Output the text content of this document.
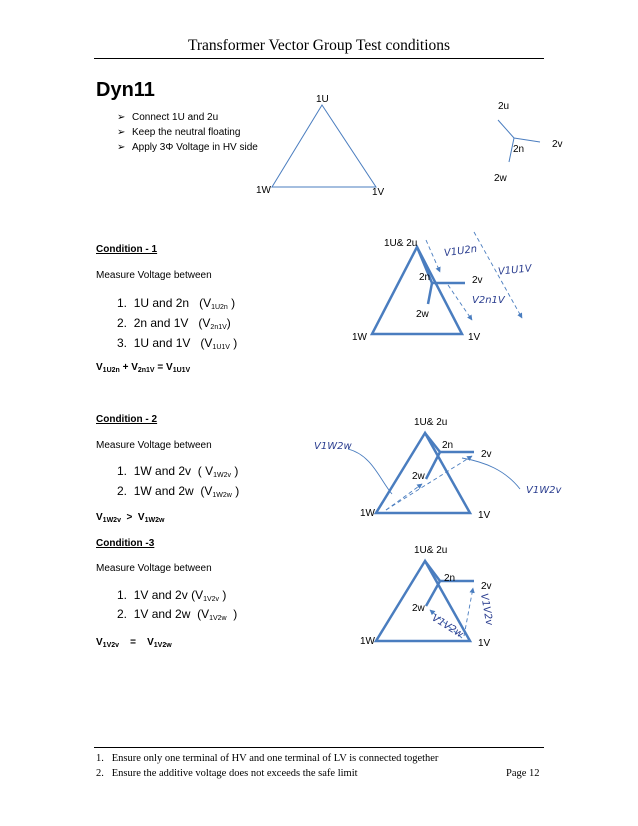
Transformer Vector Group Test conditions
Dyn11
➢ Connect 1U and 2u
➢ Keep the neutral floating
➢ Apply 3Φ Voltage in HV side
1U
1W	1V
2u
2n	2v
2w
Condition - 1
Measure Voltage between
1. 1U and 2n   ($V_{1U2n}$ )
2. 2n and 1V   $(V_{2n1V})$
3. 1U and 1V   ($V_{1U1V}$ )
$V_{1U2n} + V_{2n1V} = V_{1U1V}$
1U& 2u
2n	2v
2w
1W	1V
V1U2n
V2n1V
V1U1V
Condition - 2
Measure Voltage between
1. 1W and 2v  ( $V_{1W2v}$ )
2. 1W and 2w  ($V_{1W2w}$ )
$V_{1W2v} > V_{1W2w}$
1U& 2u
2n
2v
2w
1W	1V
V1W2w
V1W2v
Condition -3
Measure Voltage between
1. 1V and 2v ($V_{1V2v}$ )
2. 1V and 2w  ($V_{1V2w}$  )
$V_{1V2v}$    =    $V_{1V2w}$
1U& 2u
2n
2v
2w
1W	1V
V1V2v
V1V2w
1.   Ensure only one terminal of HV and one terminal of LV is connected together
2.   Ensure the additive voltage does not exceeds the safe limit	Page 12
